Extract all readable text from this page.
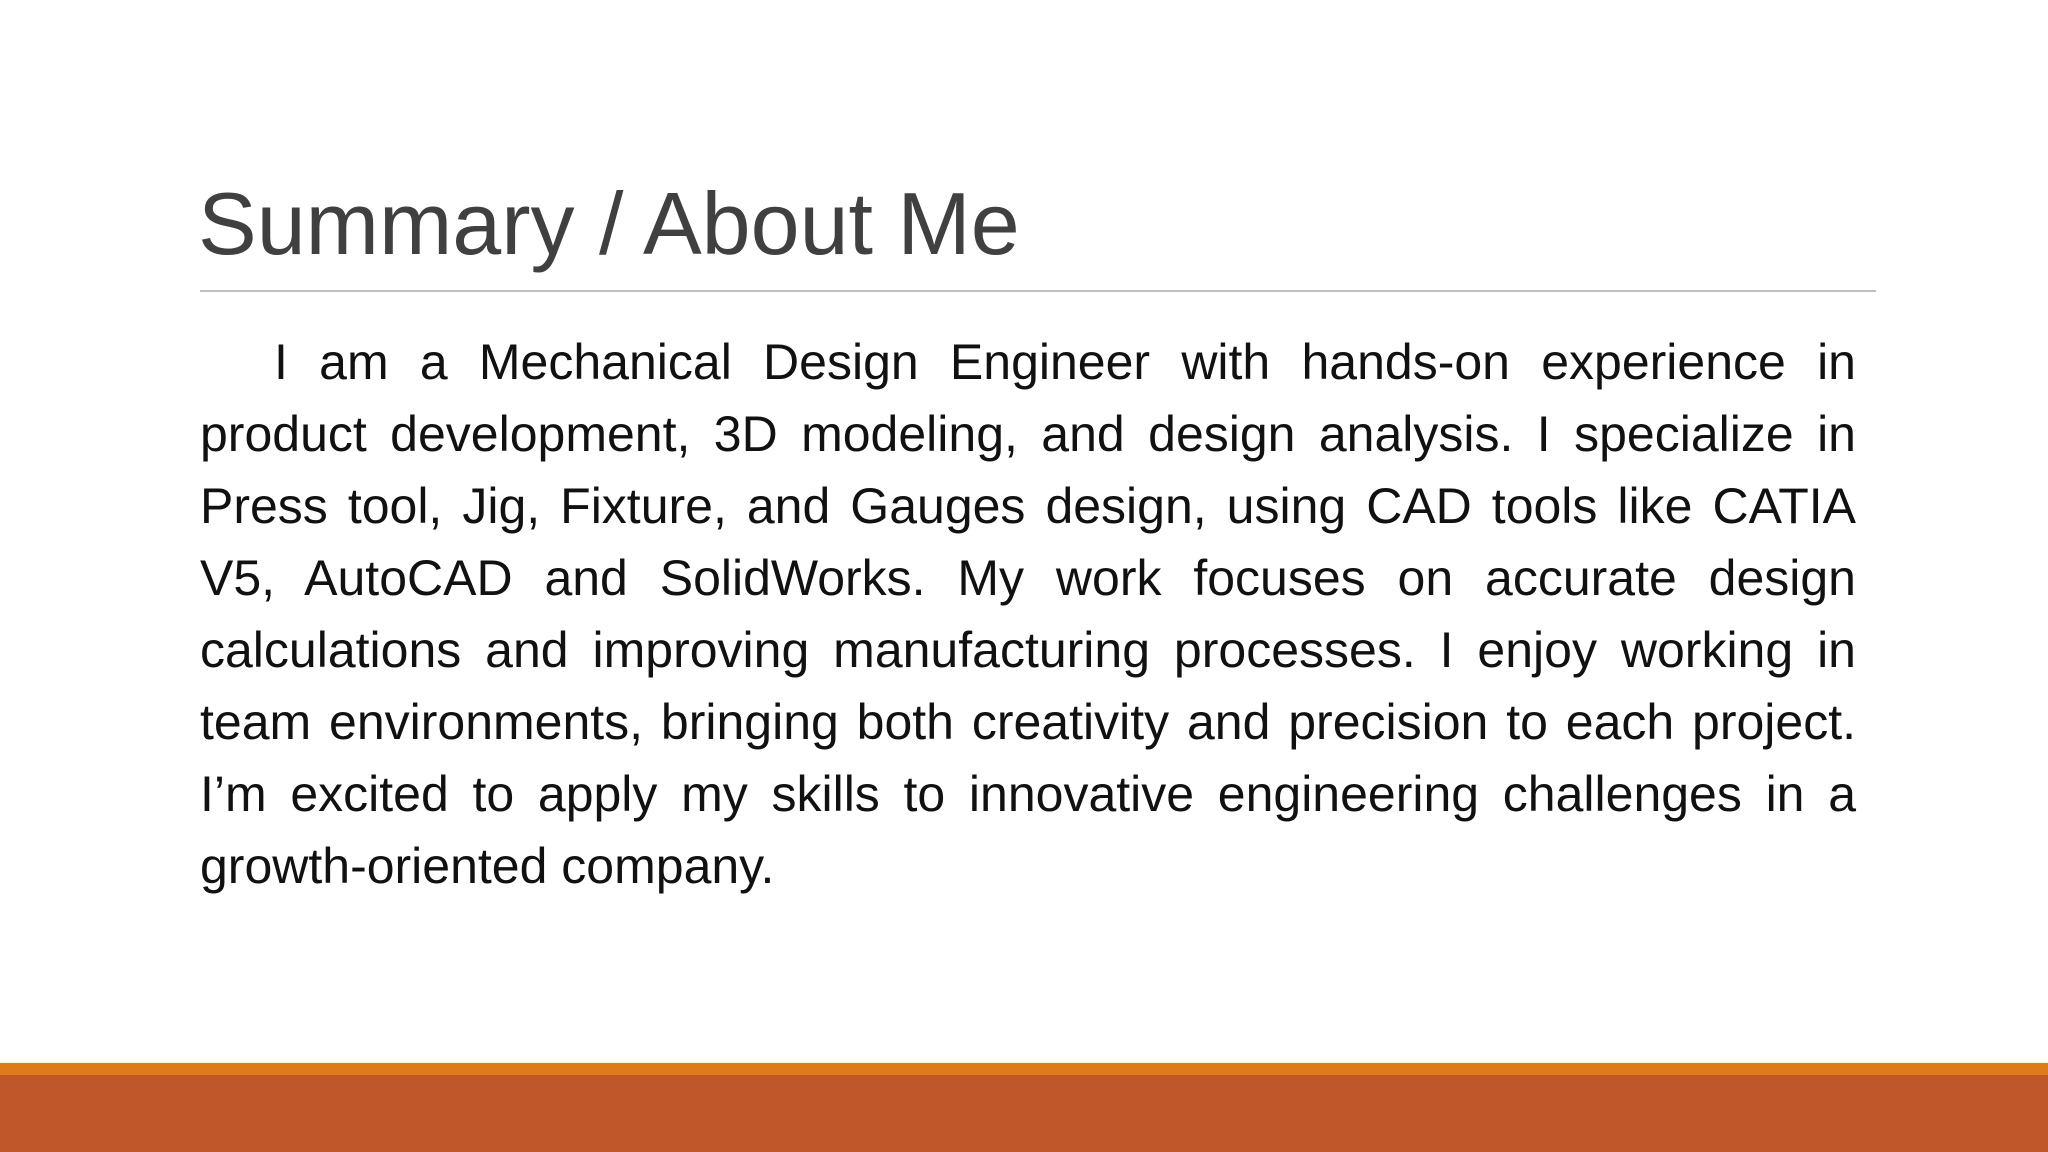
Summary / About Me

I am a Mechanical Design Engineer with hands-on experience in product development, 3D modeling, and design analysis. I specialize in Press tool, Jig, Fixture, and Gauges design, using CAD tools like CATIA V5, AutoCAD and SolidWorks. My work focuses on accurate design calculations and improving manufacturing processes. I enjoy working in team environments, bringing both creativity and precision to each project. I’m excited to apply my skills to innovative engineering challenges in a growth-oriented company.
